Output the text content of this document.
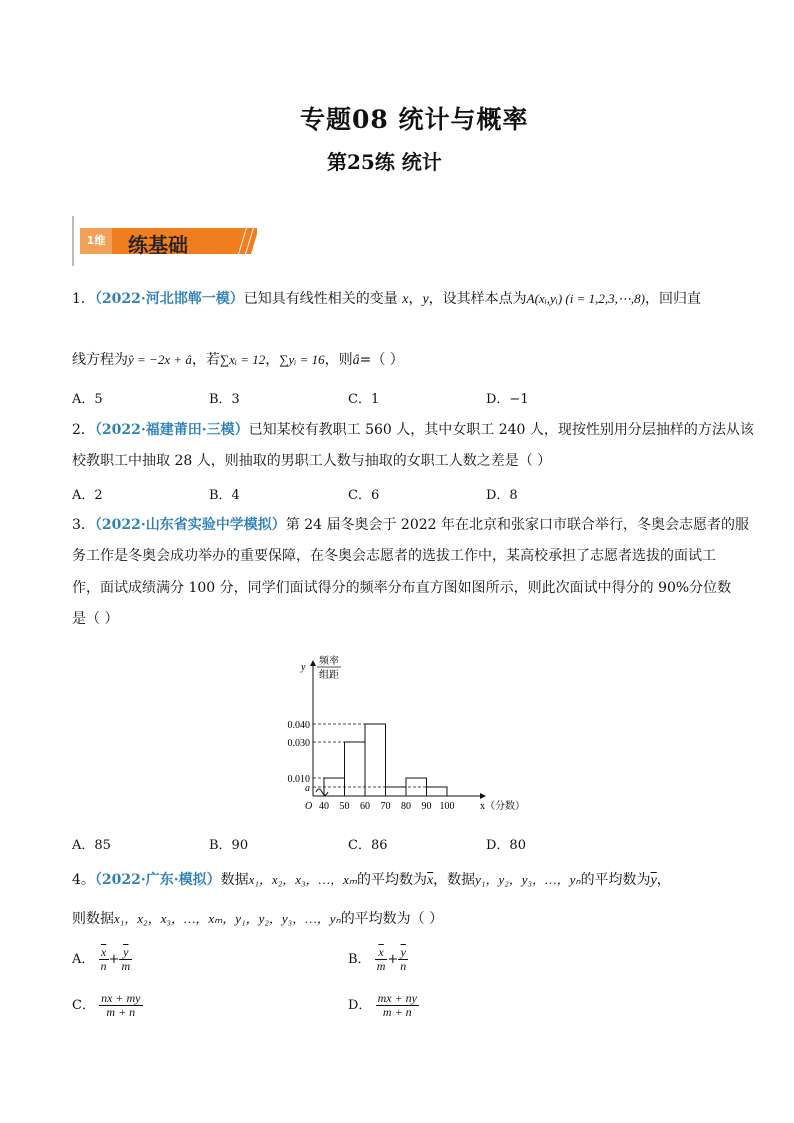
专题08 统计与概率
第25练 统计
1维 练基础
1．（2022·河北邯郸一模）已知具有线性相关的变量 x，y，设其样本点为A(xᵢ,yᵢ) (i = 1,2,3,⋯,8)，回归直
线方程为ŷ = −2x + â，若∑xᵢ = 12，∑yᵢ = 16，则â=（ ）
A．5	B．3	C．1	D．−1
2．（2022·福建莆田·三模）已知某校有教职工 560 人，其中女职工 240 人，现按性别用分层抽样的方法从该
校教职工中抽取 28 人，则抽取的男职工人数与抽取的女职工人数之差是（ ）
A．2	B．4	C．6	D．8
3．（2022·山东省实验中学模拟）第 24 届冬奥会于 2022 年在北京和张家口市联合举行，冬奥会志愿者的服
务工作是冬奥会成功举办的重要保障，在冬奥会志愿者的选拔工作中，某高校承担了志愿者选拔的面试工
作，面试成绩满分 100 分，同学们面试得分的频率分布直方图如图所示，则此次面试中得分的 90%分位数
是（ ）
0.040
0.030
0.010
a
40 50 60 70 80 90 100
O	x（分数）
y
频率
组距
A．85	B．90	C．86	D．80
4。（2022·广东·模拟）数据x₁，x₂，x₃，…，xₘ的平均数为$\overline{x}$，数据y₁，y₂，y₃，…，yₙ的平均数为$\overline{y}$，
则数据x₁，x₂，x₃，…，xₘ，y₁，y₂，y₃，…，yₙ的平均数为（ ）
A． $\frac{\overline{x}}{n} + \frac{\overline{y}}{m}$	B． $\frac{\overline{x}}{m} + \frac{\overline{y}}{n}$
C． $\frac{nx + my}{m + n}$	D． $\frac{mx + ny}{m + n}$
